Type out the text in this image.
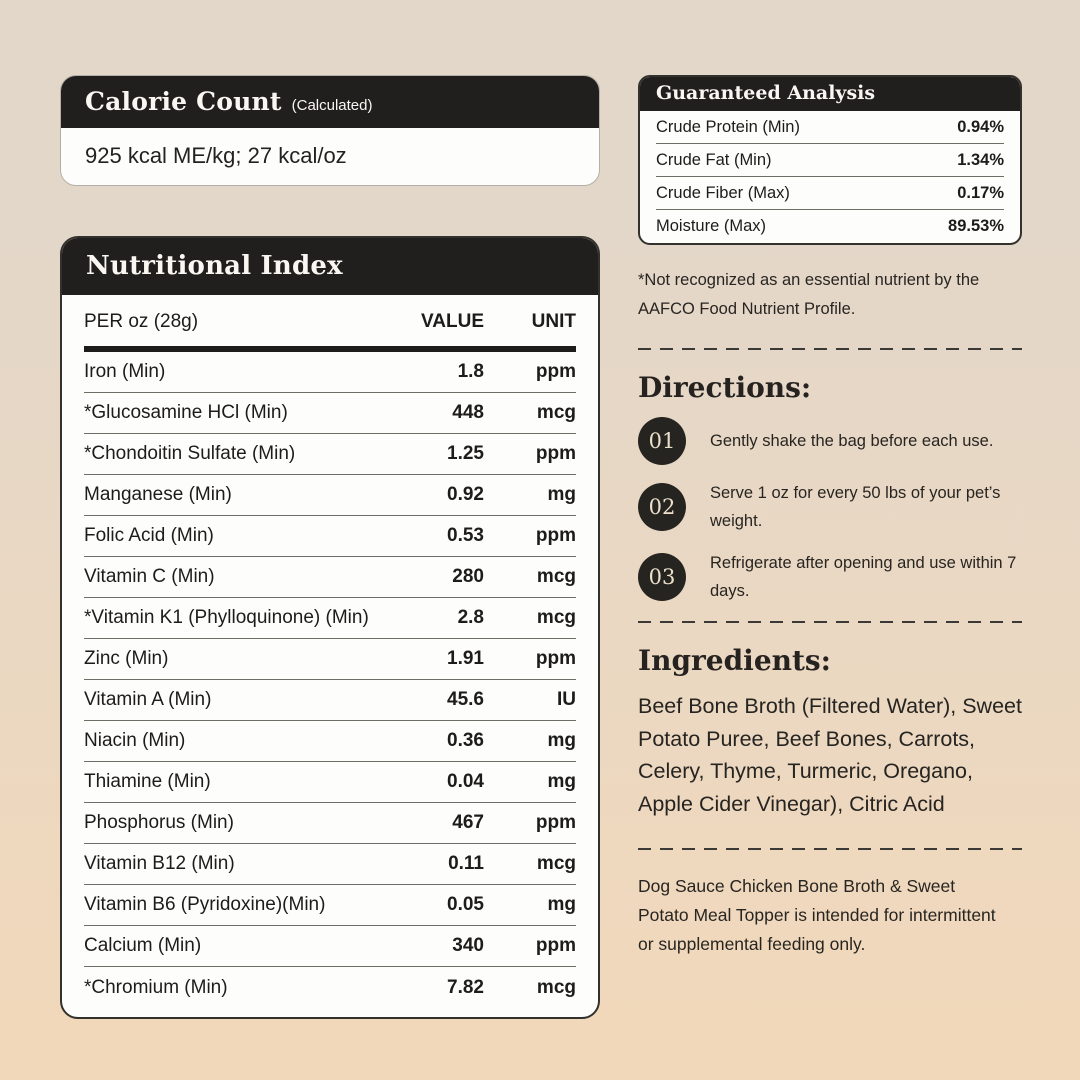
Calorie Count (Calculated)

925 kcal ME/kg; 27 kcal/oz

Nutritional Index
PER oz (28g)	VALUE	UNIT
Iron (Min)	1.8	ppm
*Glucosamine HCl (Min)	448	mcg
*Chondoitin Sulfate (Min)	1.25	ppm
Manganese (Min)	0.92	mg
Folic Acid (Min)	0.53	ppm
Vitamin C (Min)	280	mcg
*Vitamin K1 (Phylloquinone) (Min)	2.8	mcg
Zinc (Min)	1.91	ppm
Vitamin A (Min)	45.6	IU
Niacin (Min)	0.36	mg
Thiamine (Min)	0.04	mg
Phosphorus (Min)	467	ppm
Vitamin B12 (Min)	0.11	mcg
Vitamin B6 (Pyridoxine)(Min)	0.05	mg
Calcium (Min)	340	ppm
*Chromium (Min)	7.82	mcg
Guaranteed Analysis
Crude Protein (Min)	0.94%
Crude Fat (Min)	1.34%
Crude Fiber (Max)	0.17%
Moisture (Max)	89.53%

*Not recognized as an essential nutrient by the AAFCO Food Nutrient Profile.

Directions:
01	Gently shake the bag before each use.
02
Serve 1 oz for every 50 lbs of your pet’s weight.
03
Refrigerate after opening and use within 7 days.
Ingredients:

Beef Bone Broth (Filtered Water), Sweet Potato Puree, Beef Bones, Carrots, Celery, Thyme, Turmeric, Oregano, Apple Cider Vinegar), Citric Acid

Dog Sauce Chicken Bone Broth & Sweet Potato Meal Topper is intended for intermittent or supplemental feeding only.
